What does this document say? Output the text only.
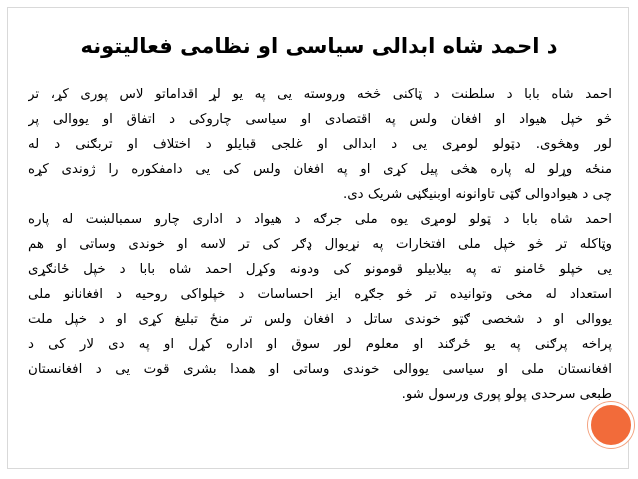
د احمد شاه ابدالی سیاسی او نظامی فعالیتونه
احمد شاه بابا د سلطنت د ټاکنی څخه وروسته یی په یو لړ اقداماتو لاس پوری کړ، تر
څو خپل هیواد او افغان ولس په اقتصادی او سیاسی چاروکی د اتفاق او یووالی پر
لور وهڅوی. دټولو لومړی یی د ابدالی او غلجی قبایلو د اختلاف او تربګنی د له
منځه وړلو له پاره هڅی پیل کړی او په افغان ولس کی یی دامفکوره را ژوندی کړه
چی د هیوادوالی ګټی تاوانونه اوبنیګڼی شریک دی.
احمد شاه بابا د ټولو لومړی یوه ملی جرګه د هیواد د اداری چارو سمبالښت له پاره
وټاکله تر څو خپل ملی افتخارات په نړیوال ډګر کی تر لاسه او خوندی وساتی او هم
یی خپلو ځامنو ته په بیلابیلو قومونو کی ودونه وکړل احمد شاه بابا د خپل ځانګړی
استعداد له مخی وتوانیده تر څو جګړه ایز احساسات د خپلواکی روحیه د افغانانو ملی
یووالی او د شخصی ګټو خوندی ساتل د افغان ولس تر منځ تبلیغ کړی او د خپل ملت
پراخه پرګنی په یو ځرګند او معلوم لور سوق او اداره کړل او په دی لار کی د
افغانستان ملی او سیاسی یووالی خوندی وساتی او همدا بشری قوت یی د افغانستان
طبعی سرحدی پولو پوری ورسول شو.
